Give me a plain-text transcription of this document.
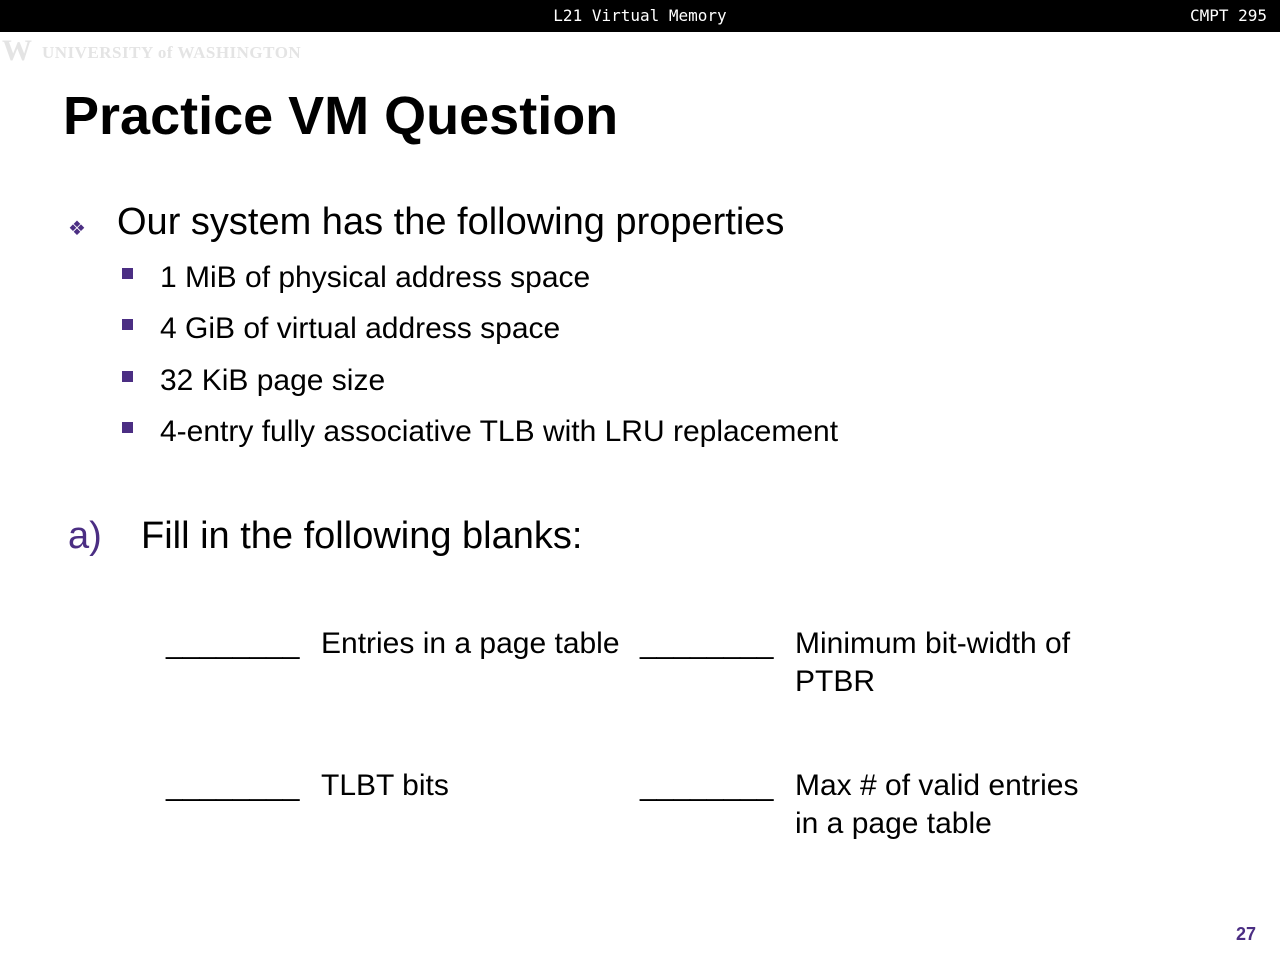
L21 Virtual Memory	CMPT 295
W UNIVERSITY of WASHINGTON
Practice VM Question
❖ Our system has the following properties
1 MiB of physical address space
4 GiB of virtual address space
32 KiB page size
4-entry fully associative TLB with LRU replacement
a) Fill in the following blanks:
________ Entries in a page table ________ Minimum bit-width of PTBR
________ TLBT bits	________ Max # of valid entries in a page table
27
